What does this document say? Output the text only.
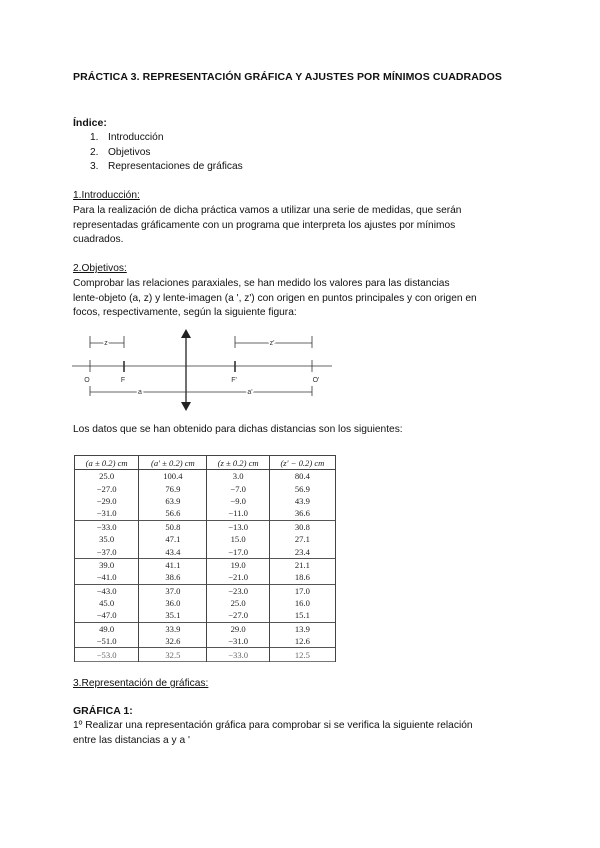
PRÁCTICA 3. REPRESENTACIÓN GRÁFICA Y AJUSTES POR MÍNIMOS CUADRADOS
Índice:
1. Introducción
2. Objetivos
3. Representaciones de gráficas
1.Introducción:
Para la realización de dicha práctica vamos a utilizar una serie de medidas, que serán
representadas gráficamente con un programa que interpreta los ajustes por mínimos
cuadrados.
2.Objetivos:
Comprobar las relaciones paraxiales, se han medido los valores para las distancias
lente-objeto (a, z) y lente-imagen (a ', z') con origen en puntos principales y con origen en
focos, respectivamente, según la siguiente figura:
z	z'
O	F	F'	O'
a	a'
Los datos que se han obtenido para dichas distancias son los siguientes:
(a ± 0.2) cm	(a' ± 0.2) cm	(z ± 0.2) cm	(z' − 0.2) cm
25.0	100.4	3.0	80.4
−27.0	76.9	−7.0	56.9
−29.0	63.9	−9.0	43.9
−31.0	56.6	−11.0	36.6
−33.0	50.8	−13.0	30.8
35.0	47.1	15.0	27.1
−37.0	43.4	−17.0	23.4
39.0	41.1	19.0	21.1
−41.0	38.6	−21.0	18.6
−43.0	37.0	−23.0	17.0
45.0	36.0	25.0	16.0
−47.0	35.1	−27.0	15.1
49.0	33.9	29.0	13.9
−51.0	32.6	−31.0	12.6
−53.0	32.5	−33.0	12.5
3.Representación de gráficas:
GRÁFICA 1:
1º Realizar una representación gráfica para comprobar si se verifica la siguiente relación
entre las distancias a y a '
